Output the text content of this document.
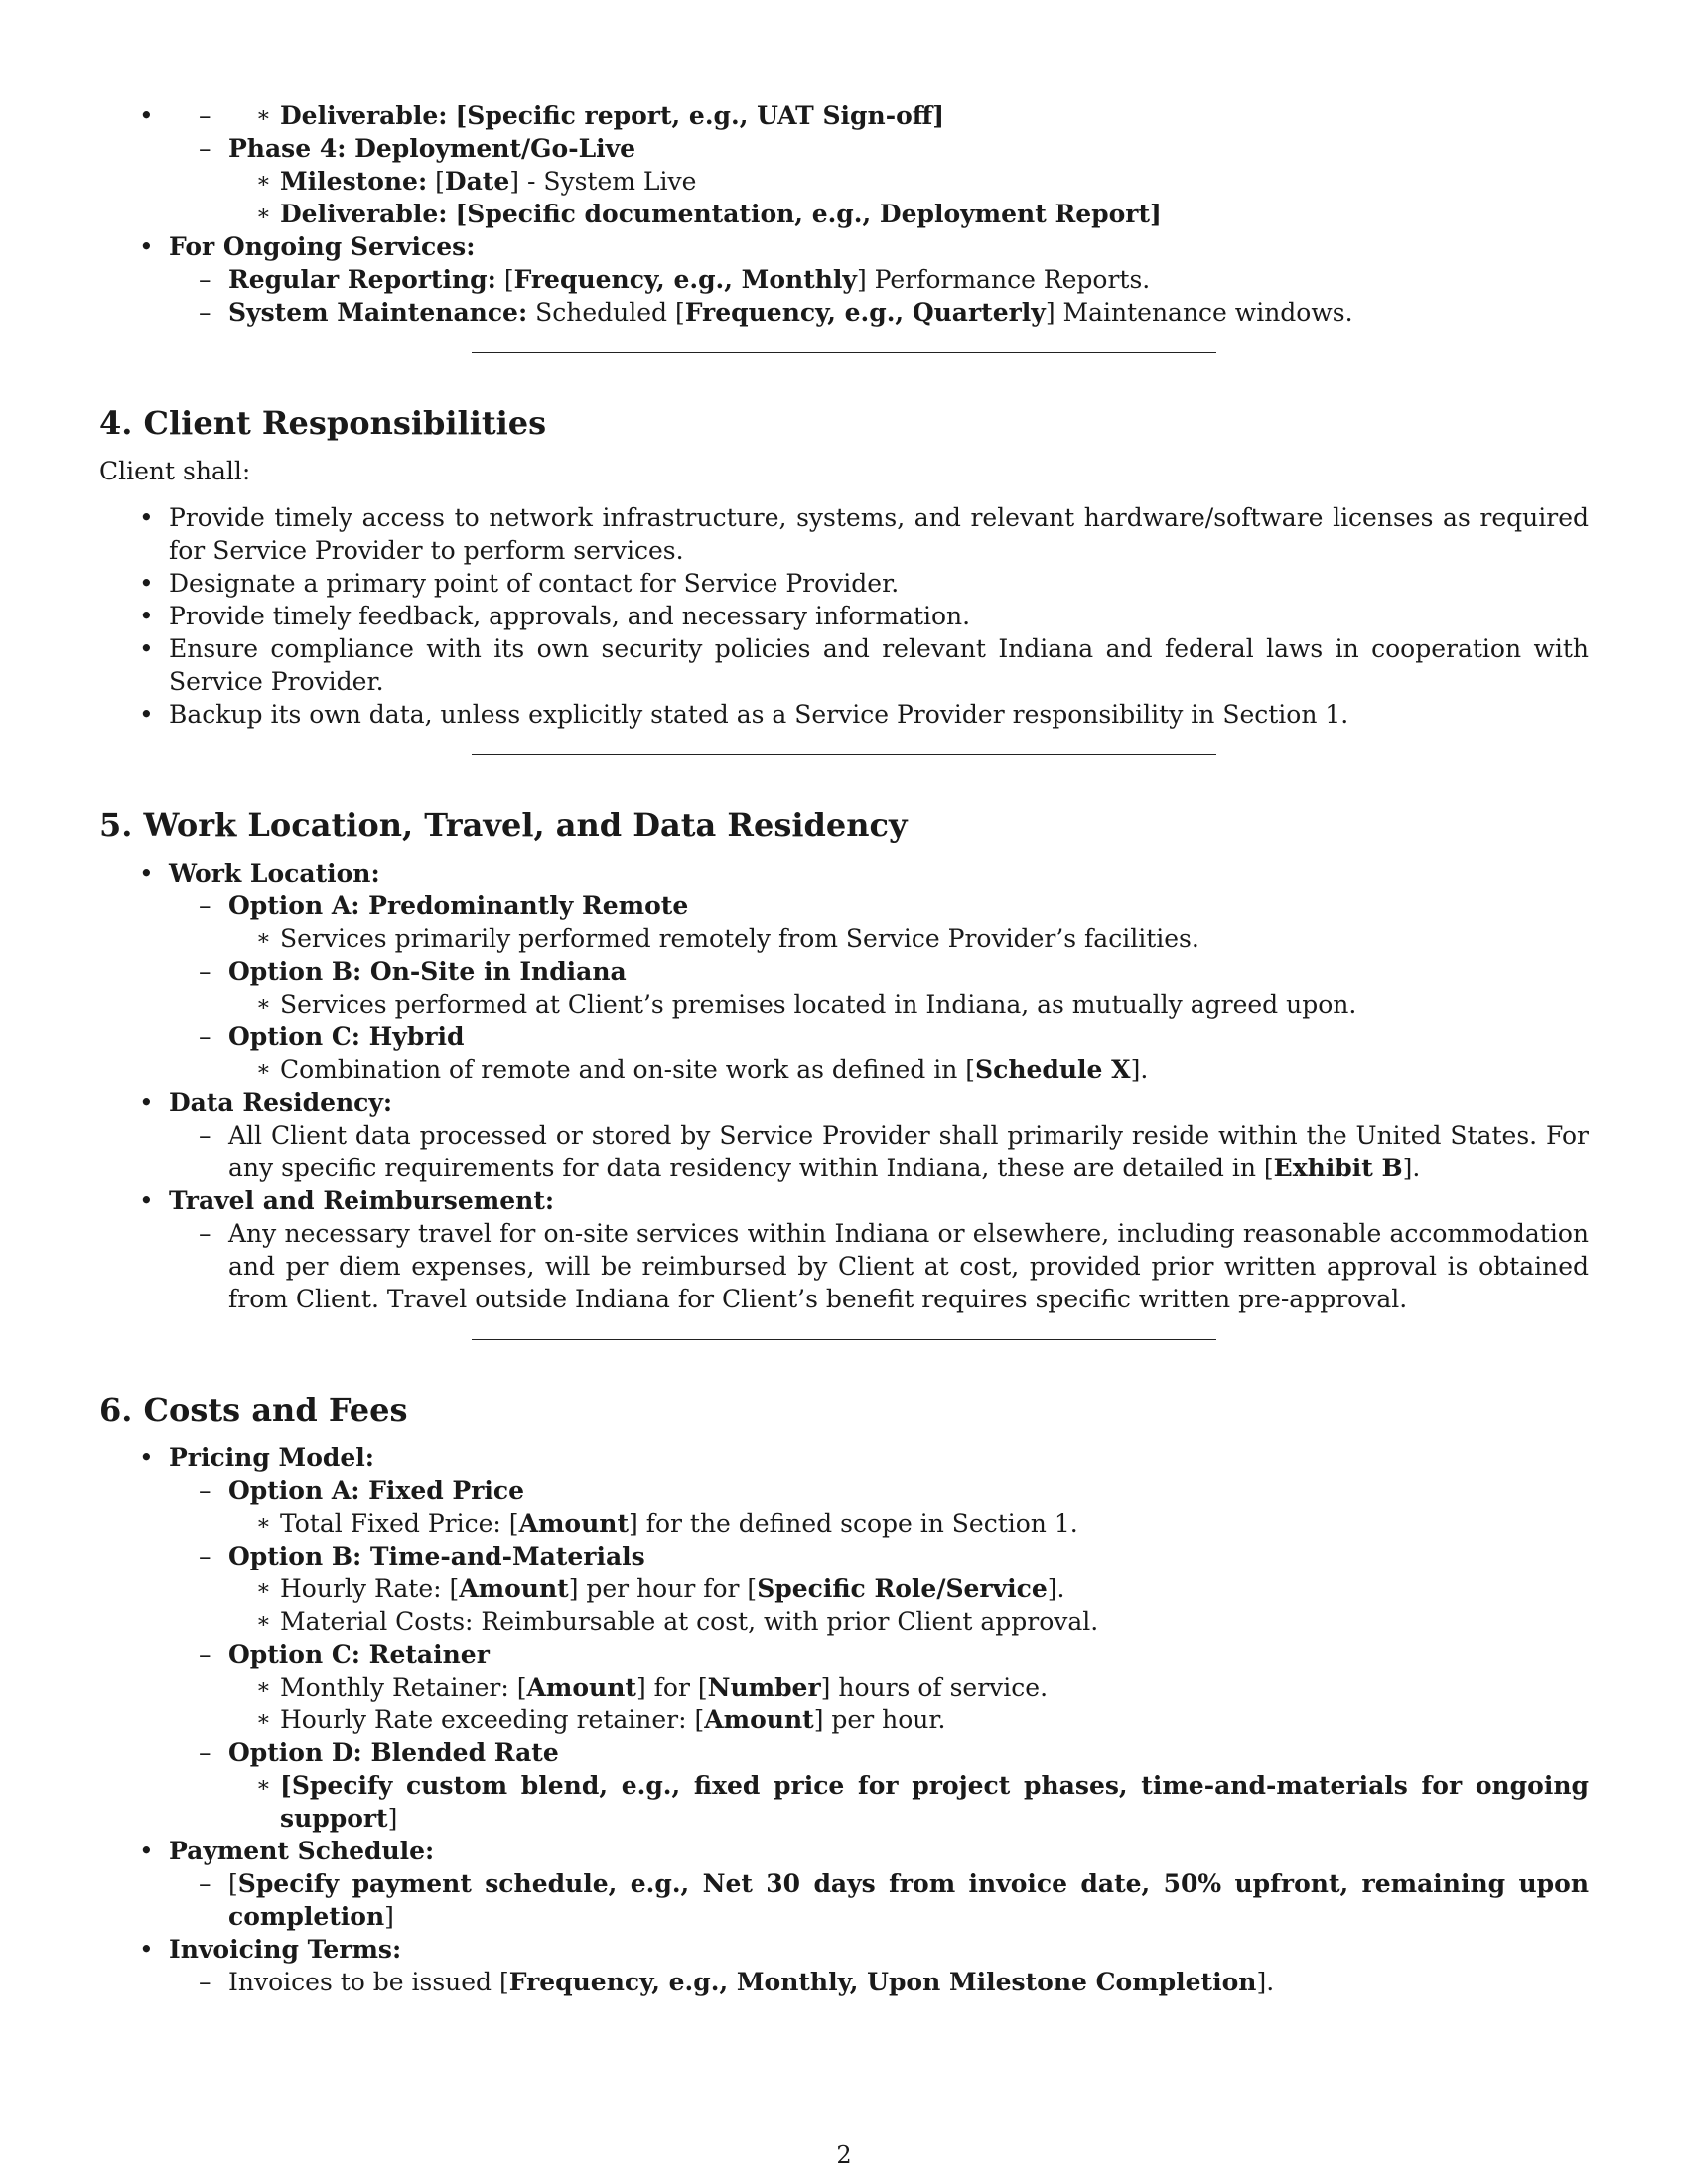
∗ – • Deliverable: [Specific report, e.g., UAT Sign-off]
– Phase 4: Deployment/Go-Live
∗ Milestone: [Date] - System Live
∗ Deliverable: [Specific documentation, e.g., Deployment Report]
• For Ongoing Services:
– Regular Reporting: [Frequency, e.g., Monthly] Performance Reports.
– System Maintenance: Scheduled [Frequency, e.g., Quarterly] Maintenance windows.
4. Client Responsibilities
Client shall:
• Provide timely access to network infrastructure, systems, and relevant hardware/software licenses as required for Service Provider to perform services.
• Designate a primary point of contact for Service Provider.
• Provide timely feedback, approvals, and necessary information.
• Ensure compliance with its own security policies and relevant Indiana and federal laws in cooperation with Service Provider.
• Backup its own data, unless explicitly stated as a Service Provider responsibility in Section 1.
5. Work Location, Travel, and Data Residency
• Work Location:
– Option A: Predominantly Remote
∗ Services primarily performed remotely from Service Provider’s facilities.
– Option B: On-Site in Indiana
∗ Services performed at Client’s premises located in Indiana, as mutually agreed upon.
– Option C: Hybrid
∗ Combination of remote and on-site work as defined in [Schedule X].
• Data Residency:
– All Client data processed or stored by Service Provider shall primarily reside within the United States. For any specific requirements for data residency within Indiana, these are detailed in [Exhibit B].
• Travel and Reimbursement:
– Any necessary travel for on-site services within Indiana or elsewhere, including reasonable accommodation and per diem expenses, will be reimbursed by Client at cost, provided prior written approval is obtained from Client. Travel outside Indiana for Client’s benefit requires specific written pre-approval.
6. Costs and Fees
• Pricing Model:
– Option A: Fixed Price
∗ Total Fixed Price: [Amount] for the defined scope in Section 1.
– Option B: Time-and-Materials
∗ Hourly Rate: [Amount] per hour for [Specific Role/Service].
∗ Material Costs: Reimbursable at cost, with prior Client approval.
– Option C: Retainer
∗ Monthly Retainer: [Amount] for [Number] hours of service.
∗ Hourly Rate exceeding retainer: [Amount] per hour.
– Option D: Blended Rate
∗ [Specify custom blend, e.g., fixed price for project phases, time-and-materials for ongoing support]
• Payment Schedule:
– [Specify payment schedule, e.g., Net 30 days from invoice date, 50% upfront, remaining upon completion]
• Invoicing Terms:
– Invoices to be issued [Frequency, e.g., Monthly, Upon Milestone Completion].
2
